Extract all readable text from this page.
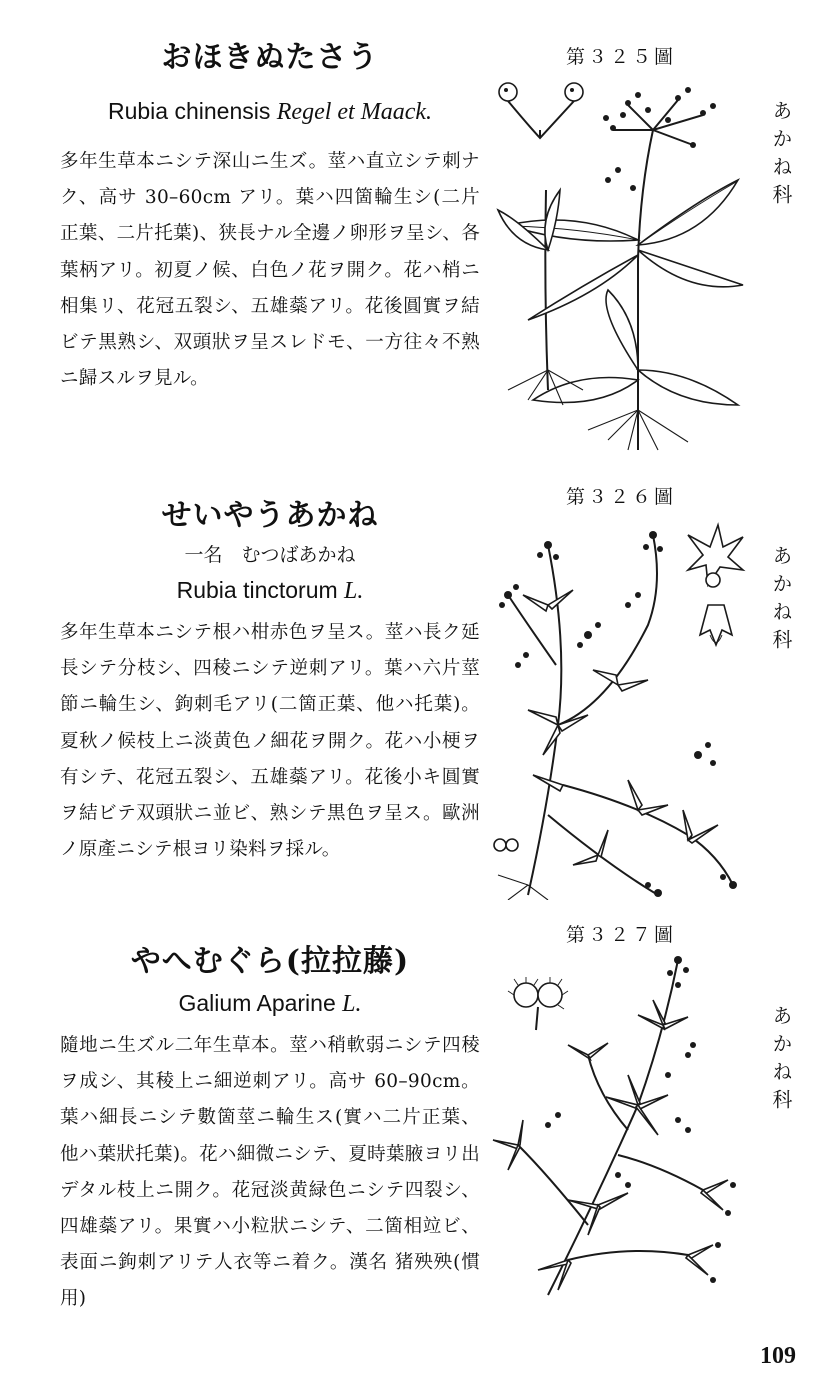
おほきぬたさう
Rubia chinensis Regel et Maack.
多年生草本ニシテ深山ニ生ズ。莖ハ直立シテ刺ナク、高サ 30–60cm アリ。葉ハ四箇輪生シ(二片正葉、二片托葉)、狭長ナル全邊ノ卵形ヲ呈シ、各葉柄アリ。初夏ノ候、白色ノ花ヲ開ク。花ハ梢ニ相集リ、花冠五裂シ、五雄蘂アリ。花後圓實ヲ結ビテ黒熟シ、双頭狀ヲ呈スレドモ、一方往々不熟ニ歸スルヲ見ル。
第３２５圖
あかね科
せいやうあかね
一名　むつばあかね
Rubia tinctorum L.
多年生草本ニシテ根ハ柑赤色ヲ呈ス。莖ハ長ク延長シテ分枝シ、四稜ニシテ逆刺アリ。葉ハ六片莖節ニ輪生シ、鉤刺毛アリ(二箇正葉、他ハ托葉)。夏秋ノ候枝上ニ淡黄色ノ細花ヲ開ク。花ハ小梗ヲ有シテ、花冠五裂シ、五雄蘂アリ。花後小キ圓實ヲ結ビテ双頭狀ニ並ビ、熟シテ黒色ヲ呈ス。歐洲ノ原產ニシテ根ヨリ染料ヲ採ル。
第３２６圖
あかね科
やへむぐら(拉拉藤)
Galium Aparine L.
隨地ニ生ズル二年生草本。莖ハ稍軟弱ニシテ四稜ヲ成シ、其稜上ニ細逆刺アリ。高サ 60–90cm。葉ハ細長ニシテ數箇莖ニ輪生ス(實ハ二片正葉、他ハ葉狀托葉)。花ハ細微ニシテ、夏時葉腋ヨリ出デタル枝上ニ開ク。花冠淡黄緑色ニシテ四裂シ、四雄蘂アリ。果實ハ小粒狀ニシテ、二箇相竝ビ、表面ニ鉤刺アリテ人衣等ニ着ク。漢名 猪殃殃(慣用)
第３２７圖
あかね科
109
